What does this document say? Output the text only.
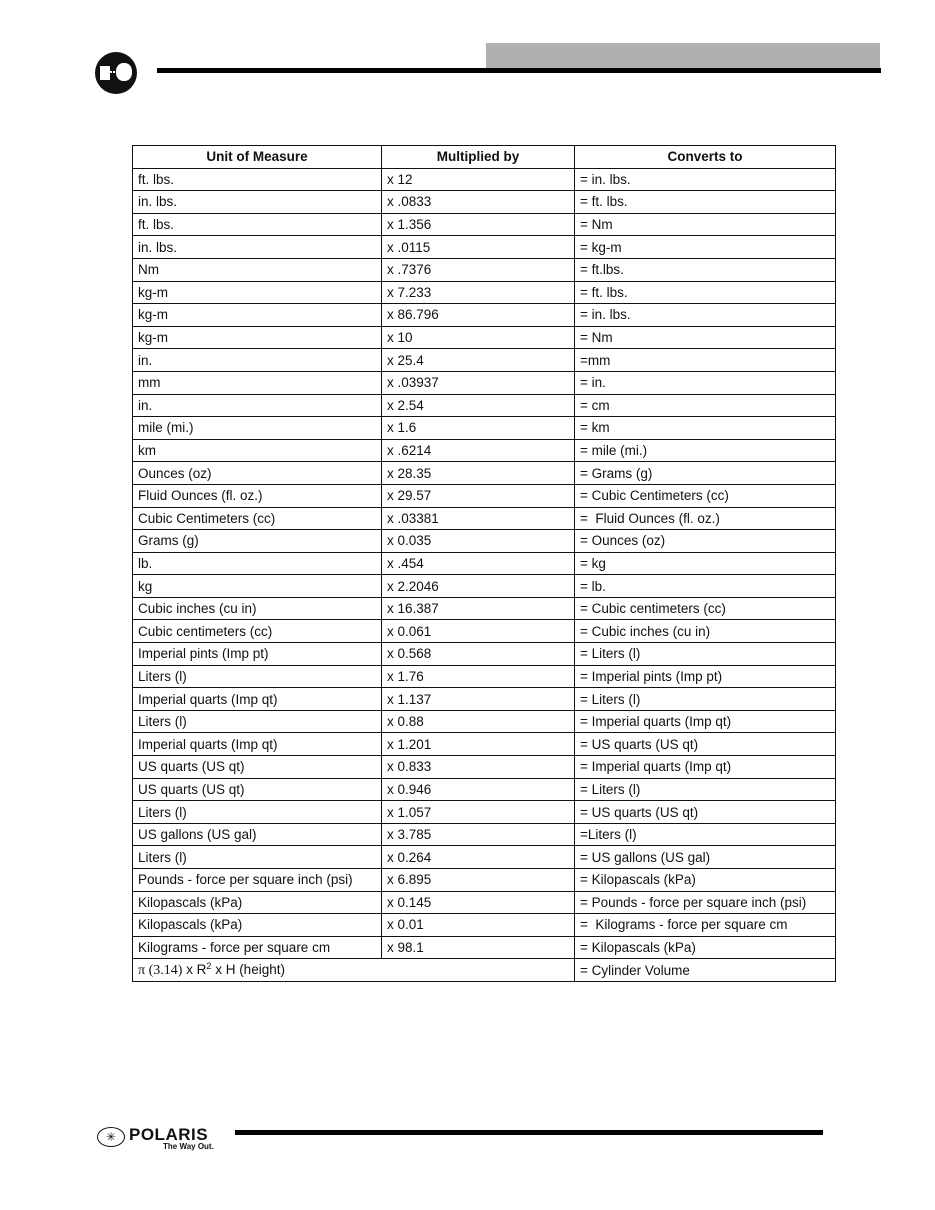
Unit of Measure	Multiplied by	Converts to
ft. lbs.	x 12	= in. lbs.
in. lbs.	x .0833	= ft. lbs.
ft. lbs.	x 1.356	= Nm
in. lbs.	x .0115	= kg-m
Nm	x .7376	= ft.lbs.
kg-m	x 7.233	= ft. lbs.
kg-m	x 86.796	= in. lbs.
kg-m	x 10	= Nm
in.	x 25.4	=mm
mm	x .03937	= in.
in.	x 2.54	= cm
mile (mi.)	x 1.6	= km
km	x .6214	= mile (mi.)
Ounces (oz)	x 28.35	= Grams (g)
Fluid Ounces (fl. oz.)	x 29.57	= Cubic Centimeters (cc)
Cubic Centimeters (cc)	x .03381	=  Fluid Ounces (fl. oz.)
Grams (g)	x 0.035	= Ounces (oz)
lb.	x .454	= kg
kg	x 2.2046	= lb.
Cubic inches (cu in)	x 16.387	= Cubic centimeters (cc)
Cubic centimeters (cc)	x 0.061	= Cubic inches (cu in)
Imperial pints (Imp pt)	x 0.568	= Liters (l)
Liters (l)	x 1.76	= Imperial pints (Imp pt)
Imperial quarts (Imp qt)	x 1.137	= Liters (l)
Liters (l)	x 0.88	= Imperial quarts (Imp qt)
Imperial quarts (Imp qt)	x 1.201	= US quarts (US qt)
US quarts (US qt)	x 0.833	= Imperial quarts (Imp qt)
US quarts (US qt)	x 0.946	= Liters (l)
Liters (l)	x 1.057	= US quarts (US qt)
US gallons (US gal)	x 3.785	=Liters (l)
Liters (l)	x 0.264	= US gallons (US gal)
Pounds - force per square inch (psi)	x 6.895	= Kilopascals (kPa)
Kilopascals (kPa)	x 0.145	= Pounds - force per square inch (psi)
Kilopascals (kPa)	x 0.01	=  Kilograms - force per square cm
Kilograms - force per square cm	x 98.1	= Kilopascals (kPa)
π (3.14) x $R^2$ x H (height)		= Cylinder Volume
✳ POLARIS
The Way Out.
